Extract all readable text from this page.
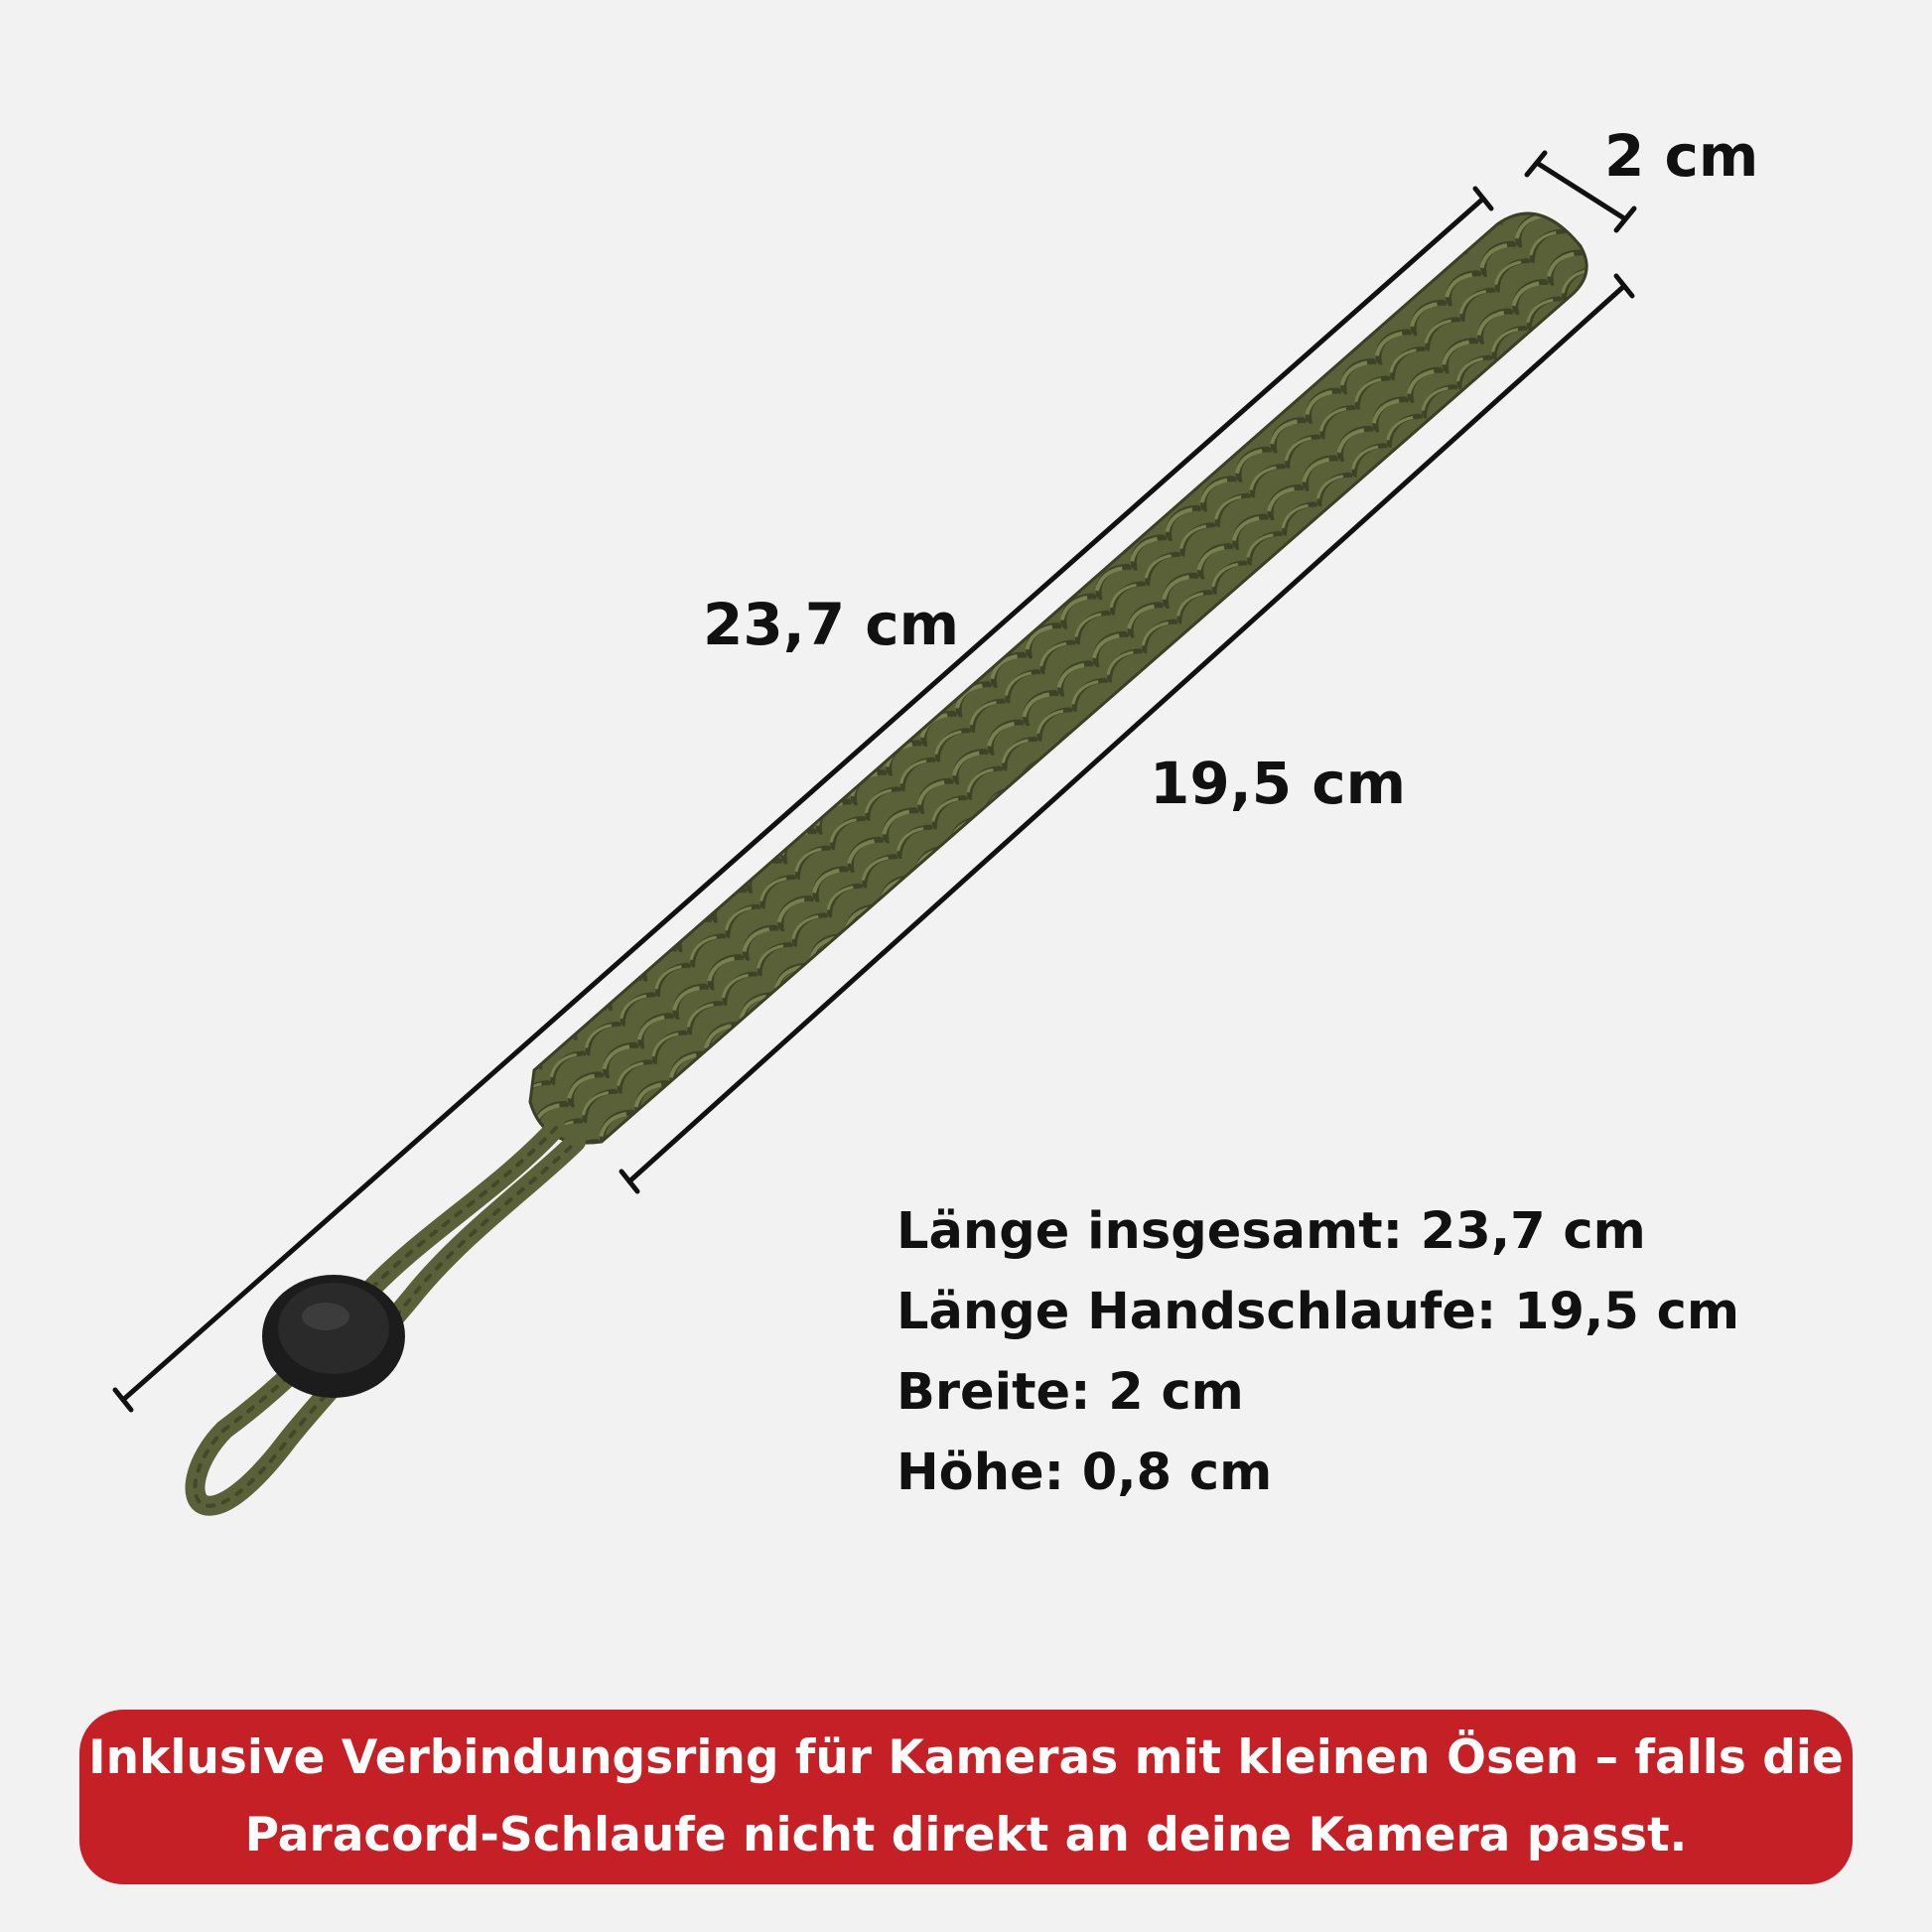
2 cm
23,7 cm
19,5 cm
Länge insgesamt: 23,7 cm
Länge Handschlaufe: 19,5 cm
Breite: 2 cm
Höhe: 0,8 cm
Inklusive Verbindungsring für Kameras mit kleinen Ösen – falls die
Paracord-Schlaufe nicht direkt an deine Kamera passt.
